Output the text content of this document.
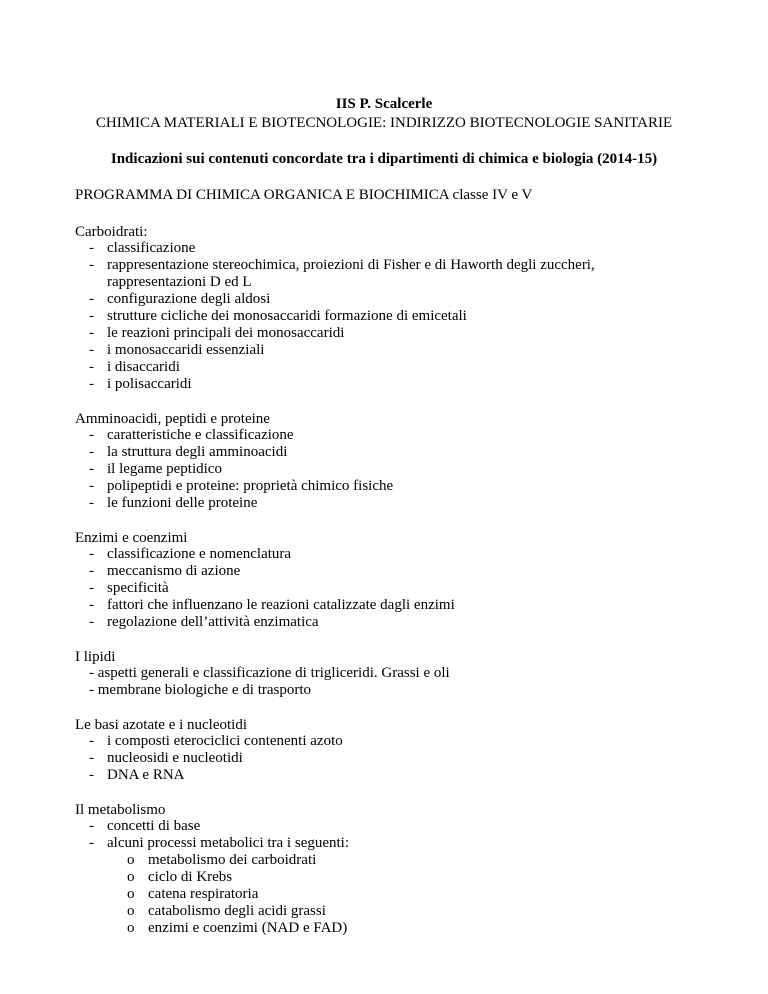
IIS P. Scalcerle
CHIMICA MATERIALI E BIOTECNOLOGIE: INDIRIZZO BIOTECNOLOGIE SANITARIE
Indicazioni sui contenuti concordate tra i dipartimenti di chimica e biologia (2014-15)
PROGRAMMA DI CHIMICA ORGANICA E BIOCHIMICA classe IV e V
Carboidrati:
- classificazione
- rappresentazione stereochimica, proiezioni di Fisher e di Haworth degli zuccheri,
rappresentazioni D ed L
- configurazione degli aldosi
- strutture cicliche dei monosaccaridi formazione di emicetali
- le reazioni principali dei monosaccaridi
- i monosaccaridi essenziali
- i disaccaridi
- i polisaccaridi
Amminoacidi, peptidi e proteine
- caratteristiche e classificazione
- la struttura degli amminoacidi
- il legame peptidico
- polipeptidi e proteine: proprietà chimico fisiche
- le funzioni delle proteine
Enzimi e coenzimi
- classificazione e nomenclatura
- meccanismo di azione
- specificità
- fattori che influenzano le reazioni catalizzate dagli enzimi
- regolazione dell’attività enzimatica
I lipidi
- aspetti generali e classificazione di trigliceridi. Grassi e oli
- membrane biologiche e di trasporto
Le basi azotate e i nucleotidi
- i composti eterociclici contenenti azoto
- nucleosidi e nucleotidi
- DNA e RNA
Il metabolismo
- concetti di base
- alcuni processi metabolici tra i seguenti:
o metabolismo dei carboidrati
o ciclo di Krebs
o catena respiratoria
o catabolismo degli acidi grassi
o enzimi e coenzimi (NAD e FAD)
